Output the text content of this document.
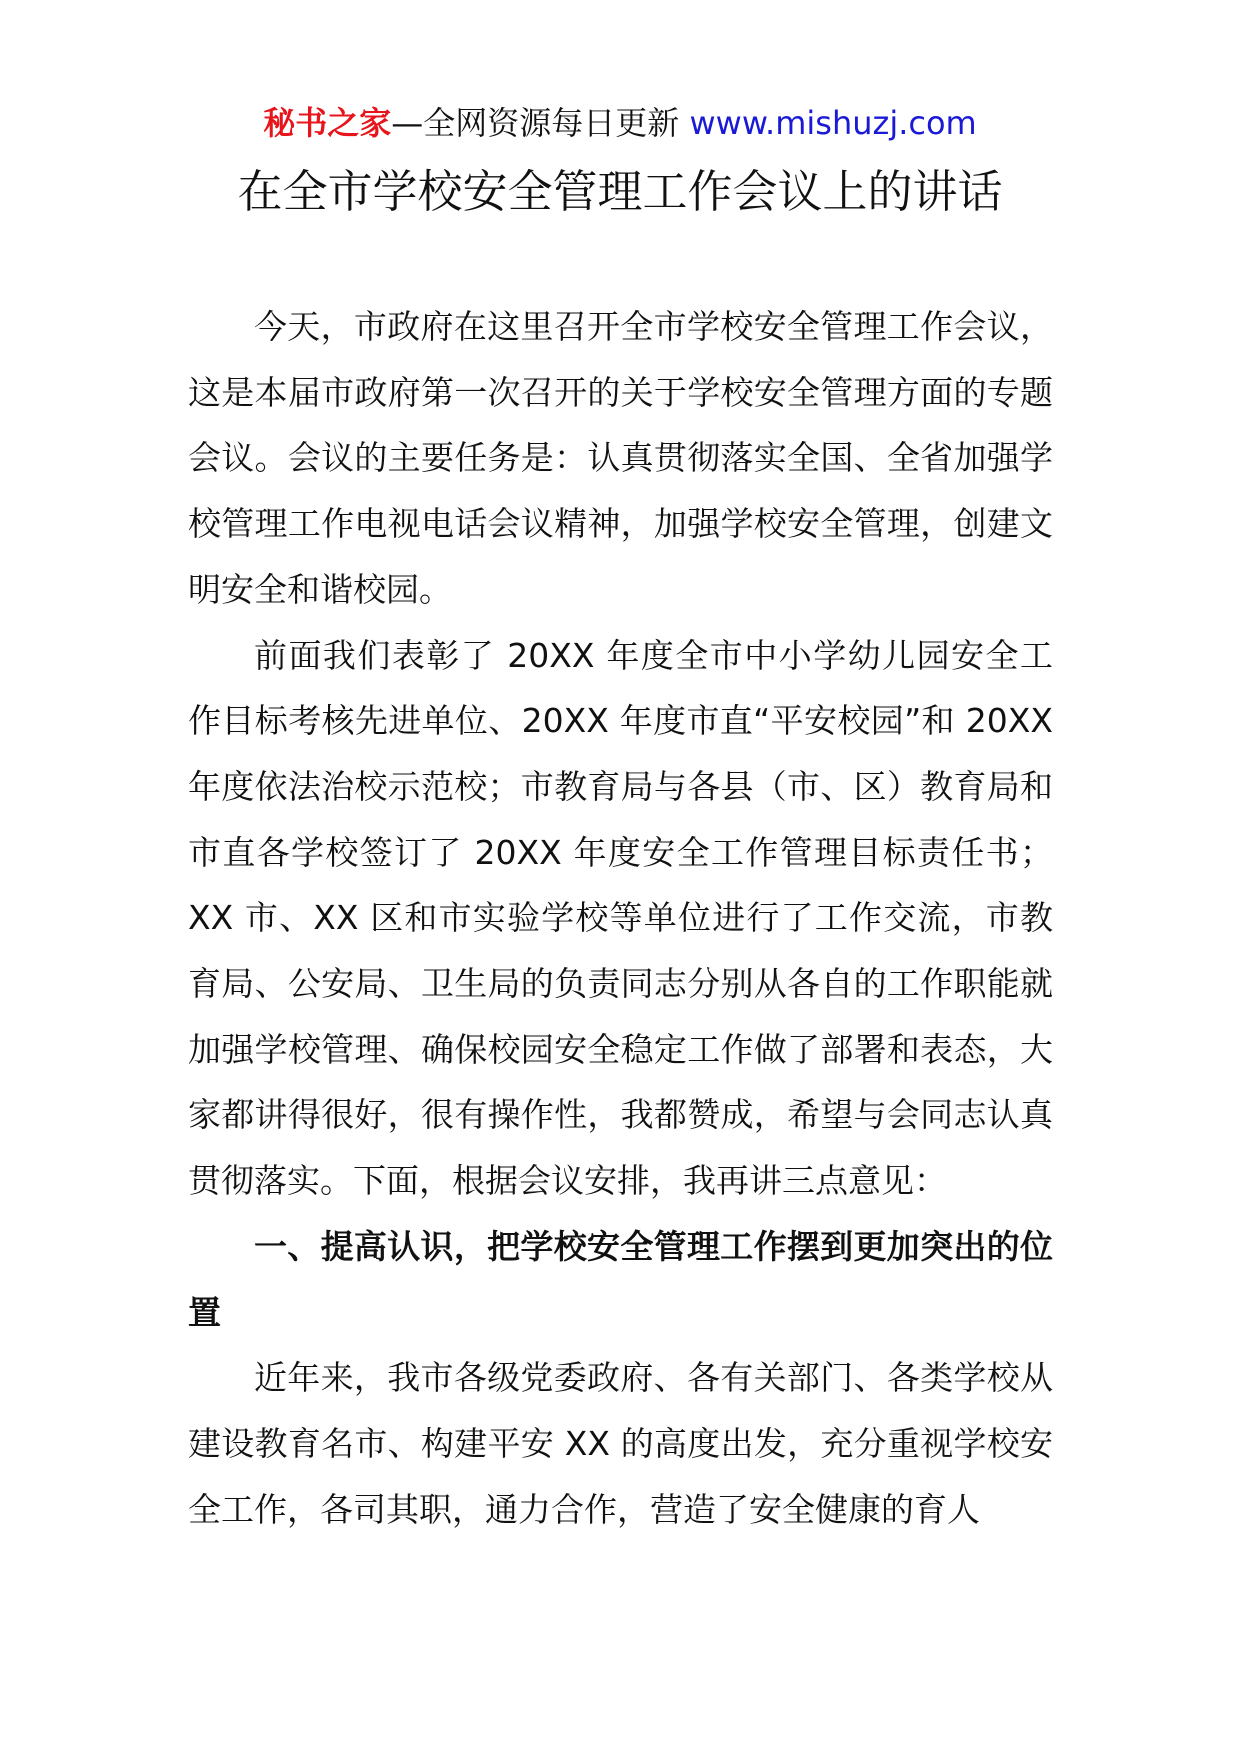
秘书之家—全网资源每日更新 www.mishuzj.com
在全市学校安全管理工作会议上的讲话

今天，市政府在这里召开全市学校安全管理工作会议，这是本届市政府第一次召开的关于学校安全管理方面的专题会议。会议的主要任务是：认真贯彻落实全国、全省加强学校管理工作电视电话会议精神，加强学校安全管理，创建文明安全和谐校园。

前面我们表彰了 20XX 年度全市中小学幼儿园安全工作目标考核先进单位、20XX 年度市直“平安校园”和 20XX 年度依法治校示范校；市教育局与各县（市、区）教育局和市直各学校签订了 20XX 年度安全工作管理目标责任书；XX 市、XX 区和市实验学校等单位进行了工作交流，市教育局、公安局、卫生局的负责同志分别从各自的工作职能就加强学校管理、确保校园安全稳定工作做了部署和表态，大家都讲得很好，很有操作性，我都赞成，希望与会同志认真贯彻落实。下面，根据会议安排，我再讲三点意见：

一、提高认识，把学校安全管理工作摆到更加突出的位置

近年来，我市各级党委政府、各有关部门、各类学校从建设教育名市、构建平安 XX 的高度出发，充分重视学校安全工作，各司其职，通力合作，营造了安全健康的育人
